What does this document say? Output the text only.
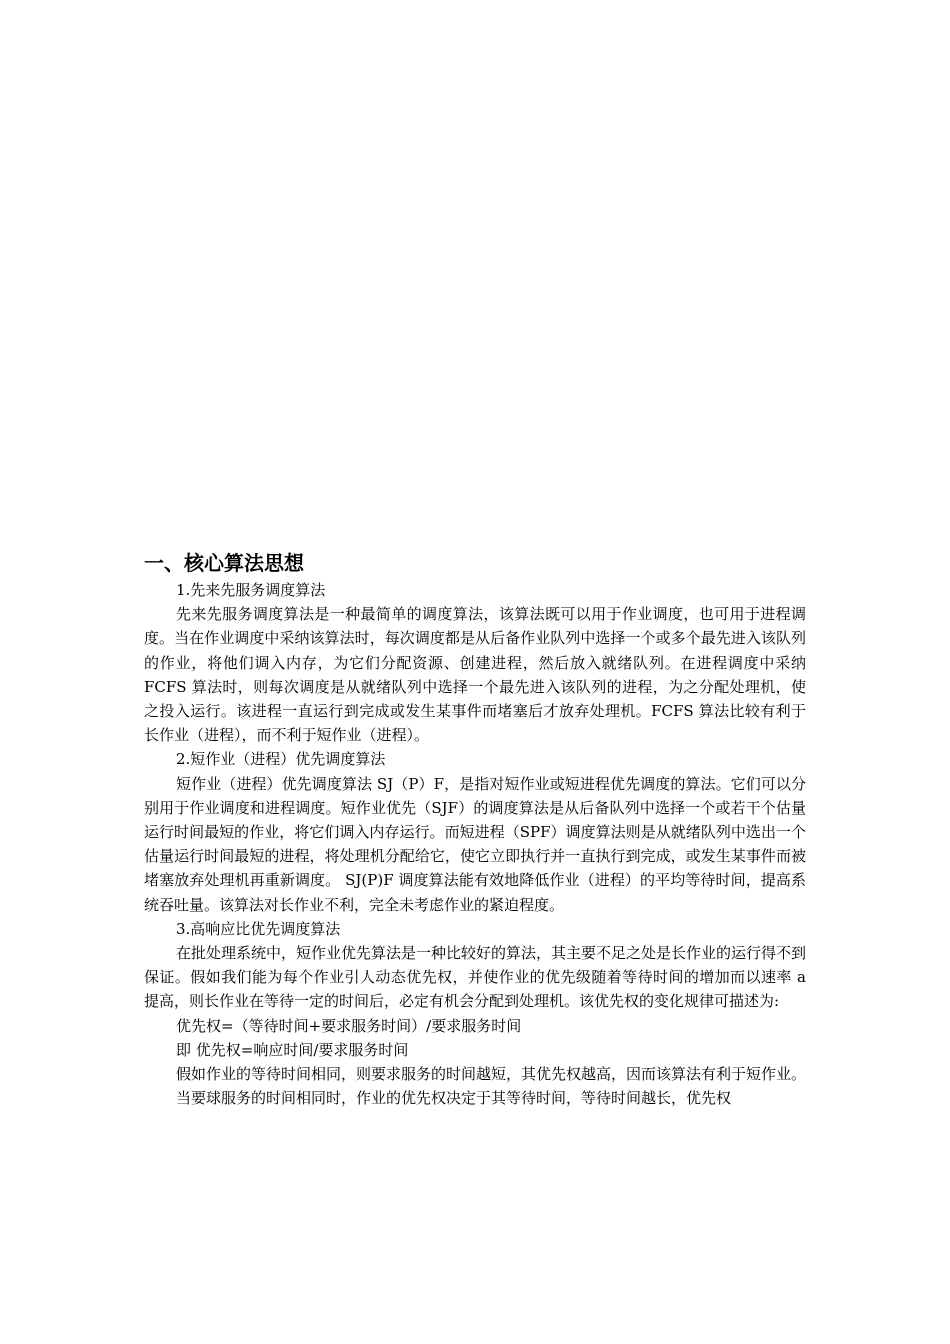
一、核心算法思想

1.先来先服务调度算法

先来先服务调度算法是一种最简单的调度算法，该算法既可以用于作业调度，也可用于进程调度。当在作业调度中采纳该算法时，每次调度都是从后备作业队列中选择一个或多个最先进入该队列的作业，将他们调入内存，为它们分配资源、创建进程，然后放入就绪队列。在进程调度中采纳 FCFS 算法时，则每次调度是从就绪队列中选择一个最先进入该队列的进程，为之分配处理机，使之投入运行。该进程一直运行到完成或发生某事件而堵塞后才放弃处理机。FCFS 算法比较有利于长作业（进程），而不利于短作业（进程）。

2.短作业（进程）优先调度算法

短作业（进程）优先调度算法 SJ（P）F，是指对短作业或短进程优先调度的算法。它们可以分别用于作业调度和进程调度。短作业优先（SJF）的调度算法是从后备队列中选择一个或若干个估量运行时间最短的作业，将它们调入内存运行。而短进程（SPF）调度算法则是从就绪队列中选出一个估量运行时间最短的进程，将处理机分配给它，使它立即执行并一直执行到完成，或发生某事件而被堵塞放弃处理机再重新调度。 SJ(P)F 调度算法能有效地降低作业（进程）的平均等待时间，提高系统吞吐量。该算法对长作业不利，完全未考虑作业的紧迫程度。

3.高响应比优先调度算法

在批处理系统中，短作业优先算法是一种比较好的算法，其主要不足之处是长作业的运行得不到保证。假如我们能为每个作业引人动态优先权，并使作业的优先级随着等待时间的增加而以速率 a 提高，则长作业在等待一定的时间后，必定有机会分配到处理机。该优先权的变化规律可描述为:

优先权=（等待时间+要求服务时间）/要求服务时间

即 优先权=响应时间/要求服务时间

假如作业的等待时间相同，则要求服务的时间越短，其优先权越高，因而该算法有利于短作业。

当要球服务的时间相同时，作业的优先权决定于其等待时间，等待时间越长，优先权
